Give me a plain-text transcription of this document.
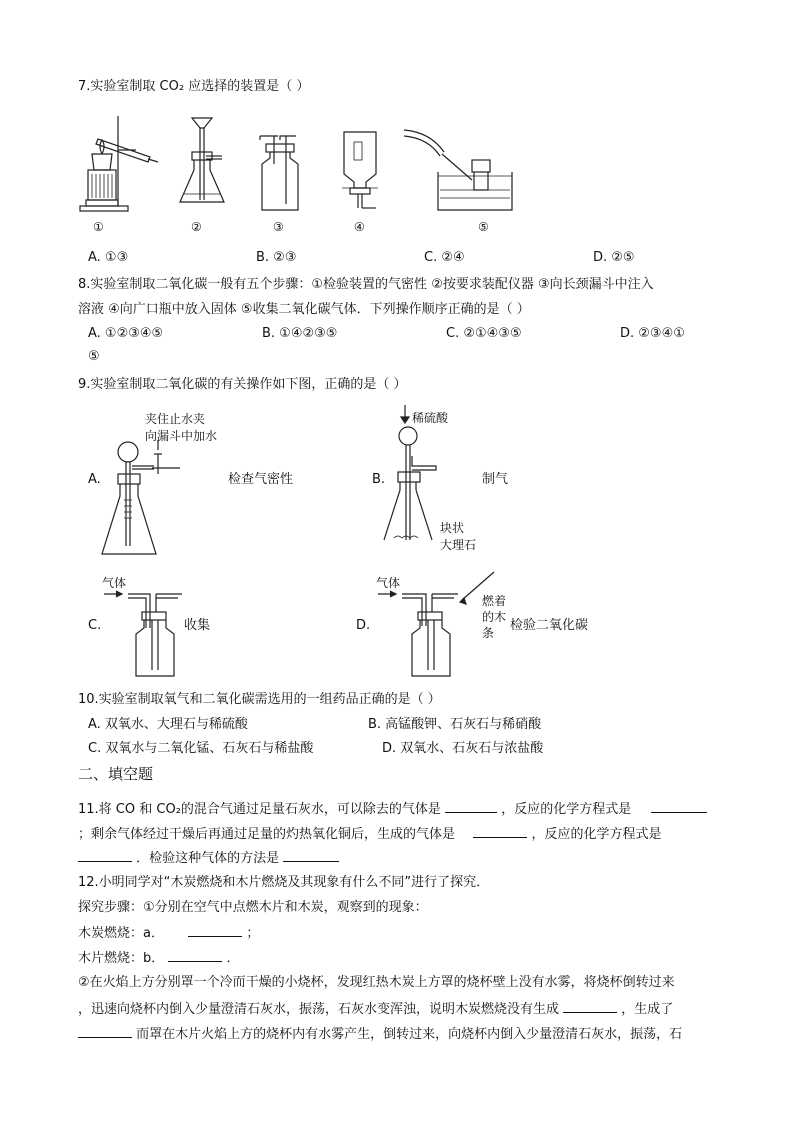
7.实验室制取 CO₂ 应选择的装置是（ ）
①	②	③	④	⑤
A. ①③	B. ②③	C. ②④	D. ②⑤
8.实验室制取二氧化碳一般有五个步骤：①检验装置的气密性 ②按要求装配仪器 ③向长颈漏斗中注入
溶液 ④向广口瓶中放入固体 ⑤收集二氧化碳气体．下列操作顺序正确的是（ ）
A. ①②③④⑤	B. ①④②③⑤	C. ②①④③⑤	D. ②③④①
⑤
9.实验室制取二氧化碳的有关操作如下图，正确的是（ ）
夹住止水夹
向漏斗中加水
A.	检查气密性
稀硫酸
块状
大理石
B.	制气
气体
C.	收集
气体
燃着
的木
条
D.	检验二氧化碳
10.实验室制取氧气和二氧化碳需选用的一组药品正确的是（ ）
A. 双氧水、大理石与稀硫酸	B. 高锰酸钾、石灰石与稀硝酸
C. 双氧水与二氧化锰、石灰石与稀盐酸	D. 双氧水、石灰石与浓盐酸
二、填空题
11.将 CO 和 CO₂的混合气通过足量石灰水，可以除去的气体是	，反应的化学方程式是
；剩余气体经过干燥后再通过足量的灼热氧化铜后，生成的气体是	，反应的化学方程式是
．检验这种气体的方法是
12.小明同学对“木炭燃烧和木片燃烧及其现象有什么不同”进行了探究．
探究步骤：①分别在空气中点燃木片和木炭，观察到的现象：
木炭燃烧：a．	；
木片燃烧：b．	．
②在火焰上方分别罩一个冷而干燥的小烧杯，发现红热木炭上方罩的烧杯壁上没有水雾，将烧杯倒转过来
，迅速向烧杯内倒入少量澄清石灰水，振荡，石灰水变浑浊，说明木炭燃烧没有生成	，生成了
而罩在木片火焰上方的烧杯内有水雾产生，倒转过来，向烧杯内倒入少量澄清石灰水，振荡，石
